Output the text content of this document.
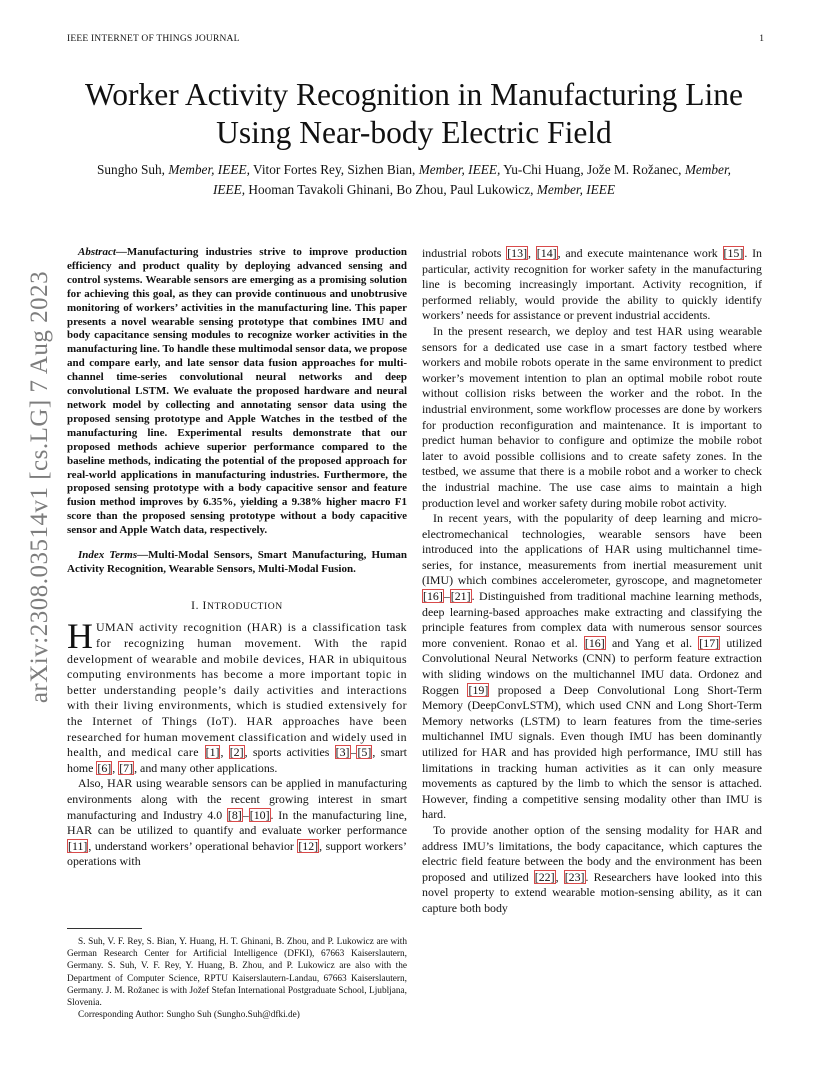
IEEE INTERNET OF THINGS JOURNAL	1
arXiv:2308.03514v1 [cs.LG] 7 Aug 2023
Worker Activity Recognition in Manufacturing Line
Using Near-body Electric Field
Sungho Suh, Member, IEEE, Vitor Fortes Rey, Sizhen Bian, Member, IEEE, Yu-Chi Huang, Jože M. Rožanec, Member, IEEE, Hooman Tavakoli Ghinani, Bo Zhou, Paul Lukowicz, Member, IEEE

Abstract—Manufacturing industries strive to improve production efficiency and product quality by deploying advanced sensing and control systems. Wearable sensors are emerging as a promising solution for achieving this goal, as they can provide continuous and unobtrusive monitoring of workers’ activities in the manufacturing line. This paper presents a novel wearable sensing prototype that combines IMU and body capacitance sensing modules to recognize worker activities in the manufacturing line. To handle these multimodal sensor data, we propose and compare early, and late sensor data fusion approaches for multi-channel time-series convolutional neural networks and deep convolutional LSTM. We evaluate the proposed hardware and neural network model by collecting and annotating sensor data using the proposed sensing prototype and Apple Watches in the testbed of the manufacturing line. Experimental results demonstrate that our proposed methods achieve superior performance compared to the baseline methods, indicating the potential of the proposed approach for real-world applications in manufacturing industries. Furthermore, the proposed sensing prototype with a body capacitive sensor and feature fusion method improves by 6.35%, yielding a 9.38% higher macro F1 score than the proposed sensing prototype without a body capacitive sensor and Apple Watch data, respectively.

Index Terms—Multi-Modal Sensors, Smart Manufacturing, Human Activity Recognition, Wearable Sensors, Multi-Modal Fusion.

I. INTRODUCTION

HUMAN activity recognition (HAR) is a classification task for recognizing human movement. With the rapid development of wearable and mobile devices, HAR in ubiquitous computing environments has become a more important topic in better understanding people’s daily activities and interactions with their living environments, which is studied extensively for the Internet of Things (IoT). HAR approaches have been researched for human movement classification and widely used in health, and medical care [1], [2], sports activities [3]–[5], smart home [6], [7], and many other applications.

Also, HAR using wearable sensors can be applied in manufacturing environments along with the recent growing interest in smart manufacturing and Industry 4.0 [8]–[10]. In the manufacturing line, HAR can be utilized to quantify and evaluate worker performance [11], understand workers’ operational behavior [12], support workers’ operations with

S. Suh, V. F. Rey, S. Bian, Y. Huang, H. T. Ghinani, B. Zhou, and P. Lukowicz are with German Research Center for Artificial Intelligence (DFKI), 67663 Kaiserslautern, Germany. S. Suh, V. F. Rey, Y. Huang, B. Zhou, and P. Lukowicz are also with the Department of Computer Science, RPTU Kaiserslautern-Landau, 67663 Kaiserslautern, Germany. J. M. Rožanec is with Jožef Stefan International Postgraduate School, Ljubljana, Slovenia.

Corresponding Author: Sungho Suh (Sungho.Suh@dfki.de)

industrial robots [13], [14], and execute maintenance work [15]. In particular, activity recognition for worker safety in the manufacturing line is becoming increasingly important. Activity recognition, if performed reliably, would provide the ability to quickly identify workers’ needs for assistance or prevent industrial accidents.

In the present research, we deploy and test HAR using wearable sensors for a dedicated use case in a smart factory testbed where workers and mobile robots operate in the same environment to predict worker’s movement intention to plan an optimal mobile robot route without collision risks between the worker and the robot. In the industrial environment, some workflow processes are done by workers for production reconfiguration and maintenance. It is important to predict human behavior to configure and optimize the mobile robot later to avoid possible collisions and to create safety zones. In the testbed, we assume that there is a mobile robot and a worker to check the industrial machine. The use case aims to maintain a high production level and worker safety during mobile robot activity.

In recent years, with the popularity of deep learning and micro-electromechanical technologies, wearable sensors have been introduced into the applications of HAR using multichannel time-series, for instance, measurements from inertial measurement unit (IMU) which combines accelerometer, gyroscope, and magnetometer [16]–[21]. Distinguished from traditional machine learning methods, deep learning-based approaches make extracting and classifying the principle features from complex data with numerous sensor sources more convenient. Ronao et al. [16] and Yang et al. [17] utilized Convolutional Neural Networks (CNN) to perform feature extraction with sliding windows on the multichannel IMU data. Ordonez and Roggen [19] proposed a Deep Convolutional Long Short-Term Memory (DeepConvLSTM), which used CNN and Long Short-Term Memory networks (LSTM) to learn features from the time-series multichannel IMU signals. Even though IMU has been dominantly utilized for HAR and has provided high performance, IMU still has limitations in tracking human activities as it can only measure movements as captured by the limb to which the sensor is attached. However, finding a competitive sensing modality other than IMU is hard.

To provide another option of the sensing modality for HAR and address IMU’s limitations, the body capacitance, which captures the electric field feature between the body and the environment has been proposed and utilized [22], [23]. Researchers have looked into this novel property to extend wearable motion-sensing ability, as it can capture both body
